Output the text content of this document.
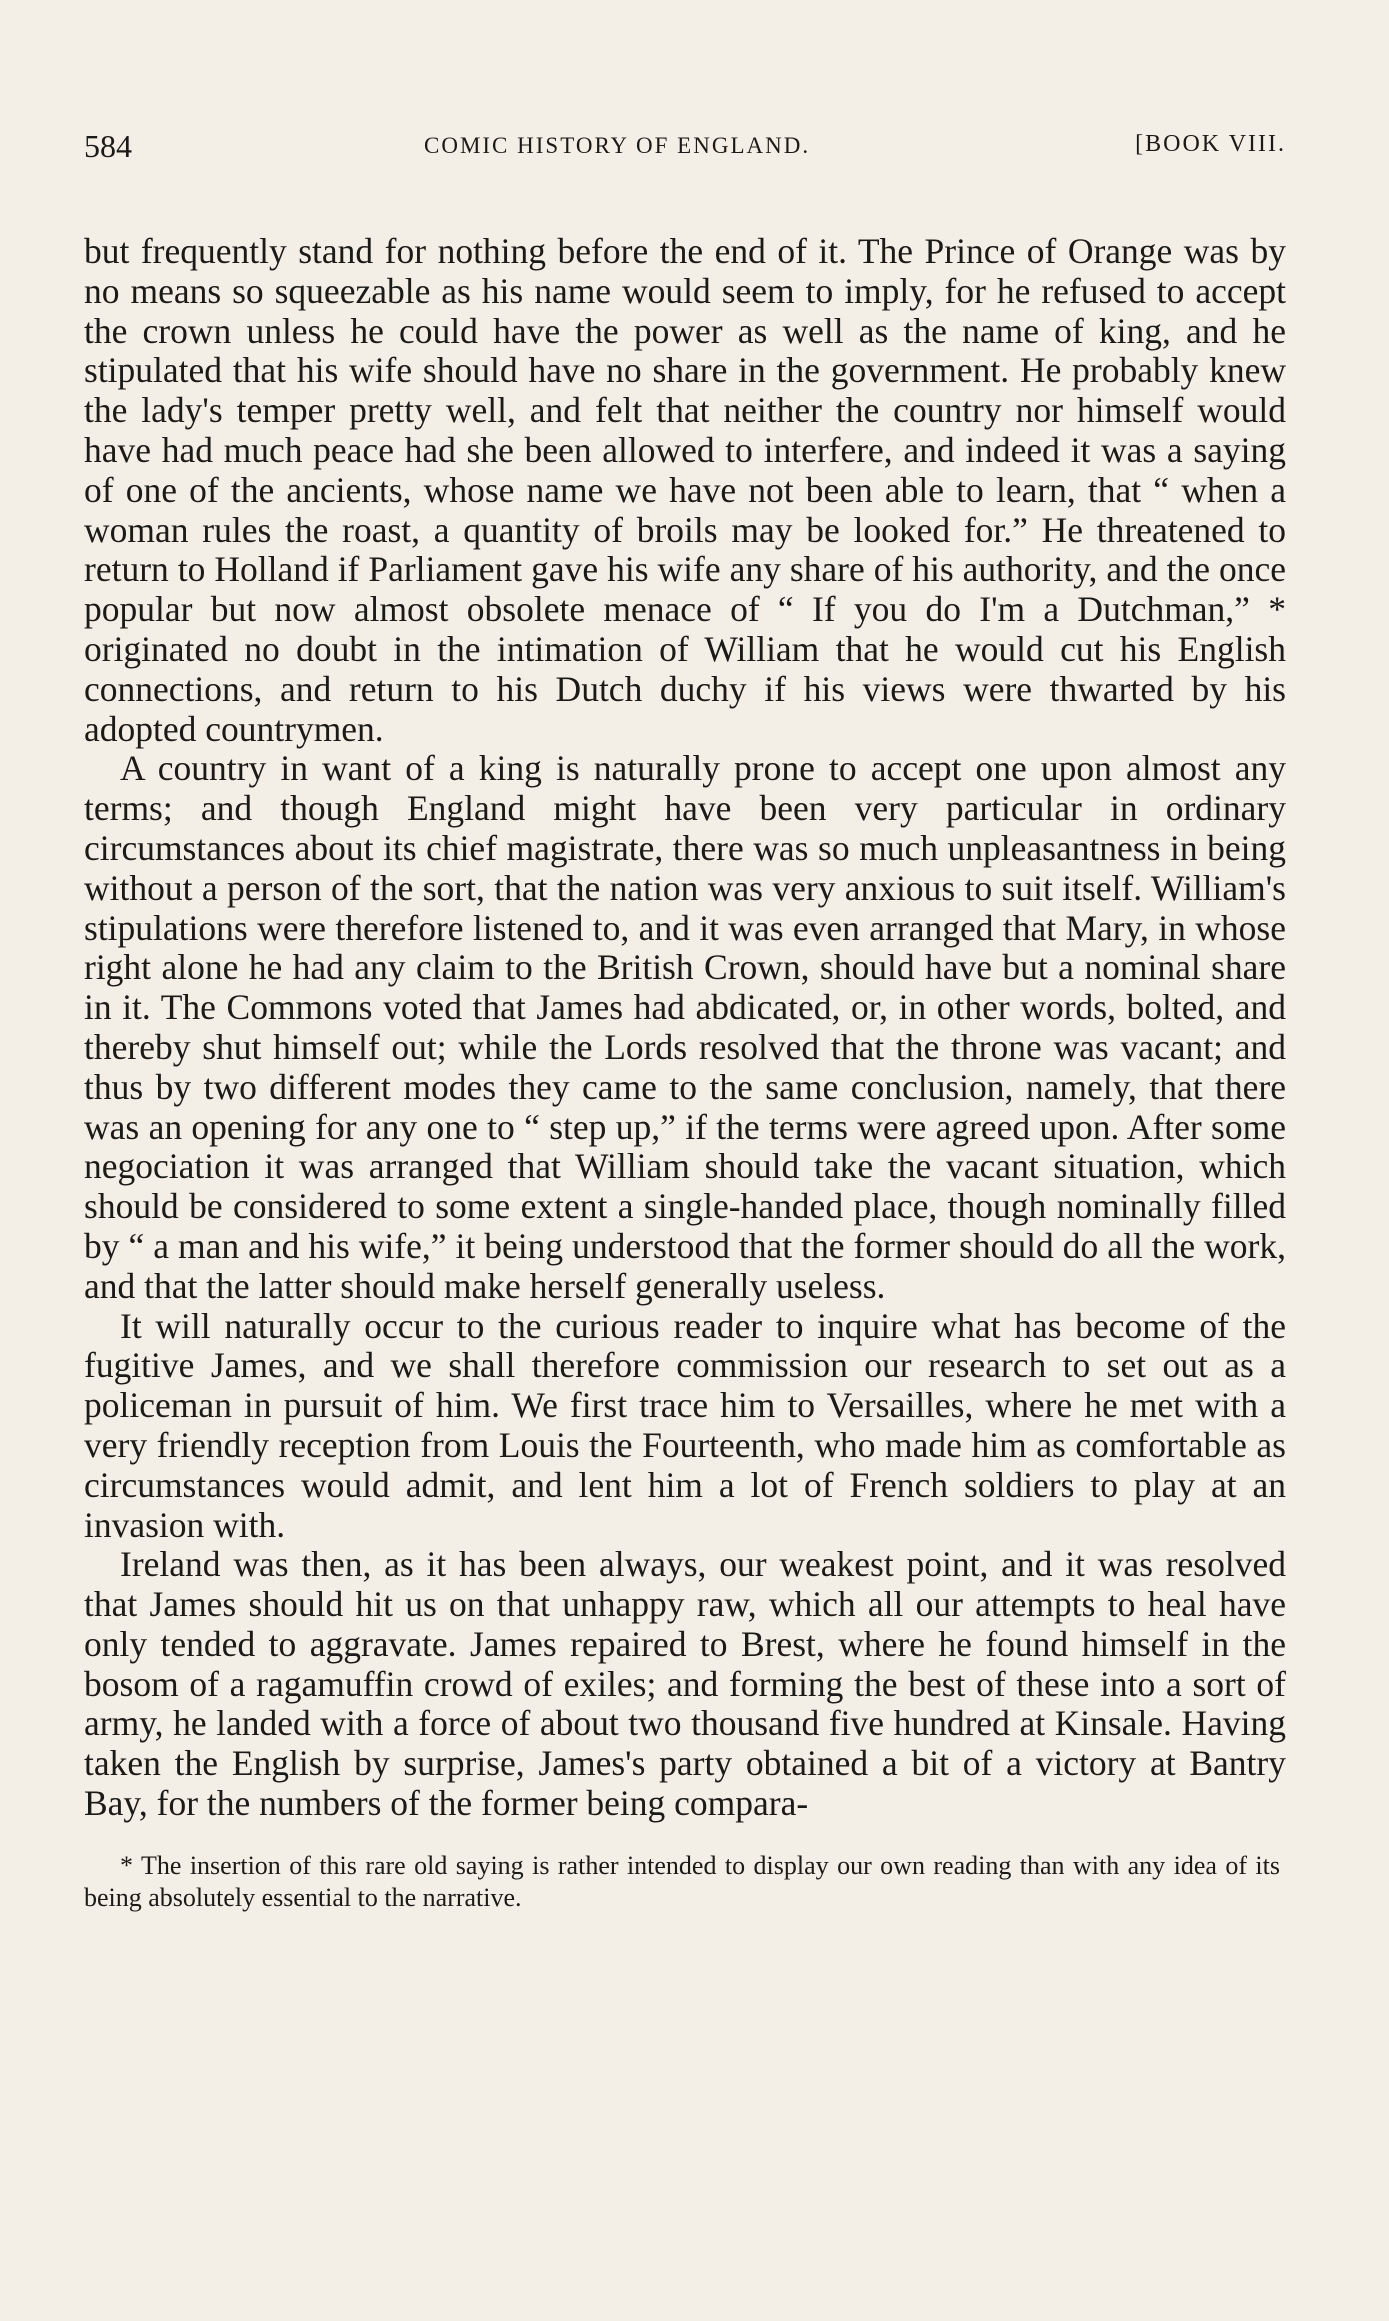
584	COMIC HISTORY OF ENGLAND.	[BOOK VIII.

but frequently stand for nothing before the end of it. The Prince of Orange was by no means so squeezable as his name would seem to imply, for he refused to accept the crown unless he could have the power as well as the name of king, and he stipulated that his wife should have no share in the government. He probably knew the lady's temper pretty well, and felt that neither the country nor himself would have had much peace had she been allowed to interfere, and indeed it was a saying of one of the ancients, whose name we have not been able to learn, that “ when a woman rules the roast, a quantity of broils may be looked for.” He threatened to return to Holland if Parliament gave his wife any share of his authority, and the once popular but now almost obsolete menace of “ If you do I'm a Dutchman,” * originated no doubt in the intimation of William that he would cut his English connections, and return to his Dutch duchy if his views were thwarted by his adopted countrymen.

A country in want of a king is naturally prone to accept one upon almost any terms; and though England might have been very particular in ordinary circumstances about its chief magistrate, there was so much unpleasantness in being without a person of the sort, that the nation was very anxious to suit itself. William's stipulations were therefore listened to, and it was even arranged that Mary, in whose right alone he had any claim to the British Crown, should have but a nominal share in it. The Commons voted that James had abdicated, or, in other words, bolted, and thereby shut himself out; while the Lords resolved that the throne was vacant; and thus by two different modes they came to the same conclusion, namely, that there was an opening for any one to “ step up,” if the terms were agreed upon. After some negociation it was arranged that William should take the vacant situation, which should be considered to some extent a single-handed place, though nominally filled by “ a man and his wife,” it being understood that the former should do all the work, and that the latter should make herself generally useless.

It will naturally occur to the curious reader to inquire what has become of the fugitive James, and we shall therefore commission our research to set out as a policeman in pursuit of him. We first trace him to Versailles, where he met with a very friendly reception from Louis the Fourteenth, who made him as comfortable as circumstances would admit, and lent him a lot of French soldiers to play at an invasion with.

Ireland was then, as it has been always, our weakest point, and it was resolved that James should hit us on that unhappy raw, which all our attempts to heal have only tended to aggravate. James repaired to Brest, where he found himself in the bosom of a ragamuffin crowd of exiles; and forming the best of these into a sort of army, he landed with a force of about two thousand five hundred at Kinsale. Having taken the English by surprise, James's party obtained a bit of a victory at Bantry Bay, for the numbers of the former being compara-

* The insertion of this rare old saying is rather intended to display our own reading than with any idea of its being absolutely essential to the narrative.
